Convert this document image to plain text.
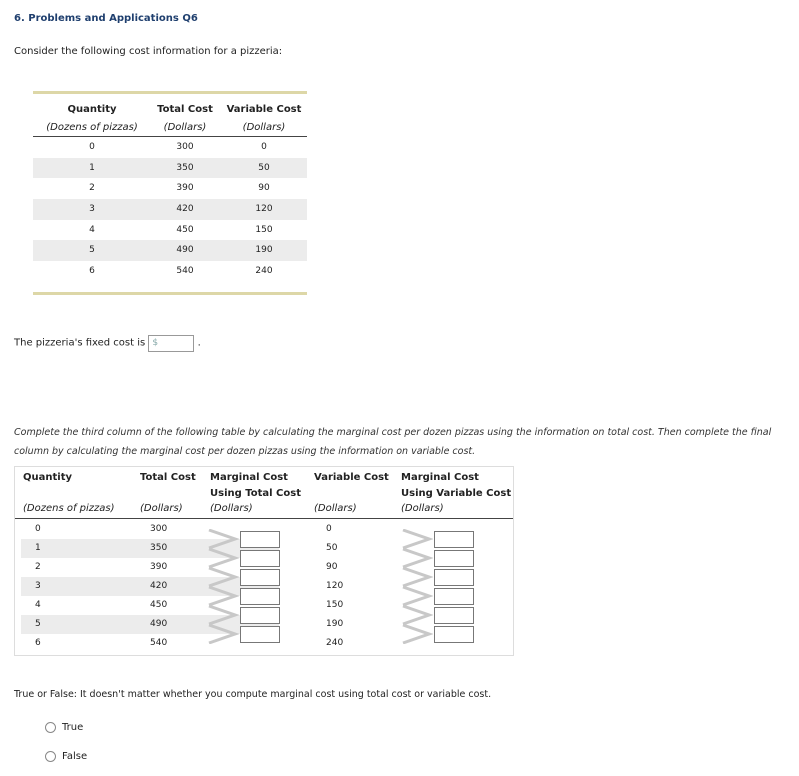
6. Problems and Applications Q6
Consider the following cost information for a pizzeria:
Quantity
(Dozens of pizzas)
Total Cost
(Dollars)
Variable Cost
(Dollars)
0	300	0
1	350	50
2	390	90
3	420	120
4	450	150
5	490	190
6	540	240
The pizzeria's fixed cost is $	.
Complete the third column of the following table by calculating the marginal cost per dozen pizzas using the information on total cost. Then complete the final column by calculating the marginal cost per dozen pizzas using the information on variable cost.
Quantity
(Dozens of pizzas)
Total Cost
(Dollars)
Marginal Cost
Using Total Cost
(Dollars)
Variable Cost
(Dollars)
Marginal Cost
Using Variable Cost
(Dollars)
0	300	0
1	350	50
2	390	90
3	420	120
4	450	150
5	490	190
6	540	240
True or False: It doesn't matter whether you compute marginal cost using total cost or variable cost.
True
False
